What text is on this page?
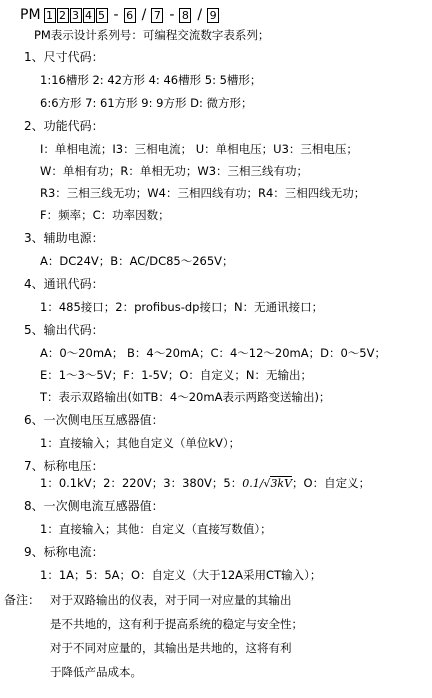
PM 1 2 3 4 5 - 6 / 7 - 8 / 9
PM表示设计系列号：可编程交流数字表系列；
1、尺寸代码：
1:16槽形 2: 42方形 4: 46槽形 5: 5槽形；
6:6方形 7: 61方形 9: 9方形 D: 微方形；
2、功能代码：
I：单相电流；I3：三相电流； U：单相电压；U3：三相电压；
W：单相有功；R：单相无功；W3：三相三线有功；
R3：三相三线无功；W4：三相四线有功；R4：三相四线无功；
F：频率；C：功率因数；
3、辅助电源：
A：DC24V；B：AC/DC85～265V；
4、通讯代码：
1：485接口；2：profibus-dp接口；N：无通讯接口；
5、输出代码：
A：0～20mA； B：4～20mA；C：4～12～20mA；D：0～5V；
E：1～3～5V；F：1-5V；O：自定义；N：无输出；
T：表示双路输出(如TB：4～20mA表示两路变送输出)；
6、一次侧电压互感器值：
1：直接输入；其他自定义（单位kV）；
7、标称电压：
1：0.1kV；2：220V；3：380V；5：0.1/√3kV；O：自定义；
8、一次侧电流互感器值：
1：直接输入；其他：自定义（直接写数值）；
9、标称电流：
1：1A；5：5A；O：自定义（大于12A采用CT输入）；
备注： 对于双路输出的仪表，对于同一对应量的其输出
是不共地的，这有利于提高系统的稳定与安全性；
对于不同对应量的，其输出是共地的，这将有利
于降低产品成本。
